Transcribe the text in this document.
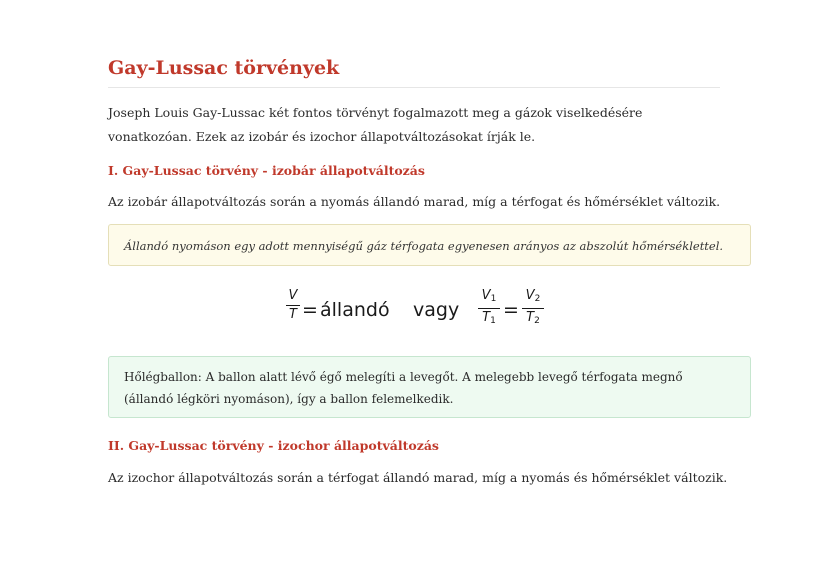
Gay-Lussac törvények

Joseph Louis Gay-Lussac két fontos törvényt fogalmazott meg a gázok viselkedésére vonatkozóan. Ezek az izobár és izochor állapotváltozásokat írják le.

I. Gay-Lussac törvény - izobár állapotváltozás

Az izobár állapotváltozás során a nyomás állandó marad, míg a térfogat és hőmérséklet változik.

Állandó nyomáson egy adott mennyiségű gáz térfogata egyenesen arányos az abszolút hőmérséklettel.

V
T = állandó vagy
$V_1$
$T_1$ =
$V_2$
$T_2$

Hőlégballon: A ballon alatt lévő égő melegíti a levegőt. A melegebb levegő térfogata megnő (állandó légköri nyomáson), így a ballon felemelkedik.

II. Gay-Lussac törvény - izochor állapotváltozás

Az izochor állapotváltozás során a térfogat állandó marad, míg a nyomás és hőmérséklet változik.
